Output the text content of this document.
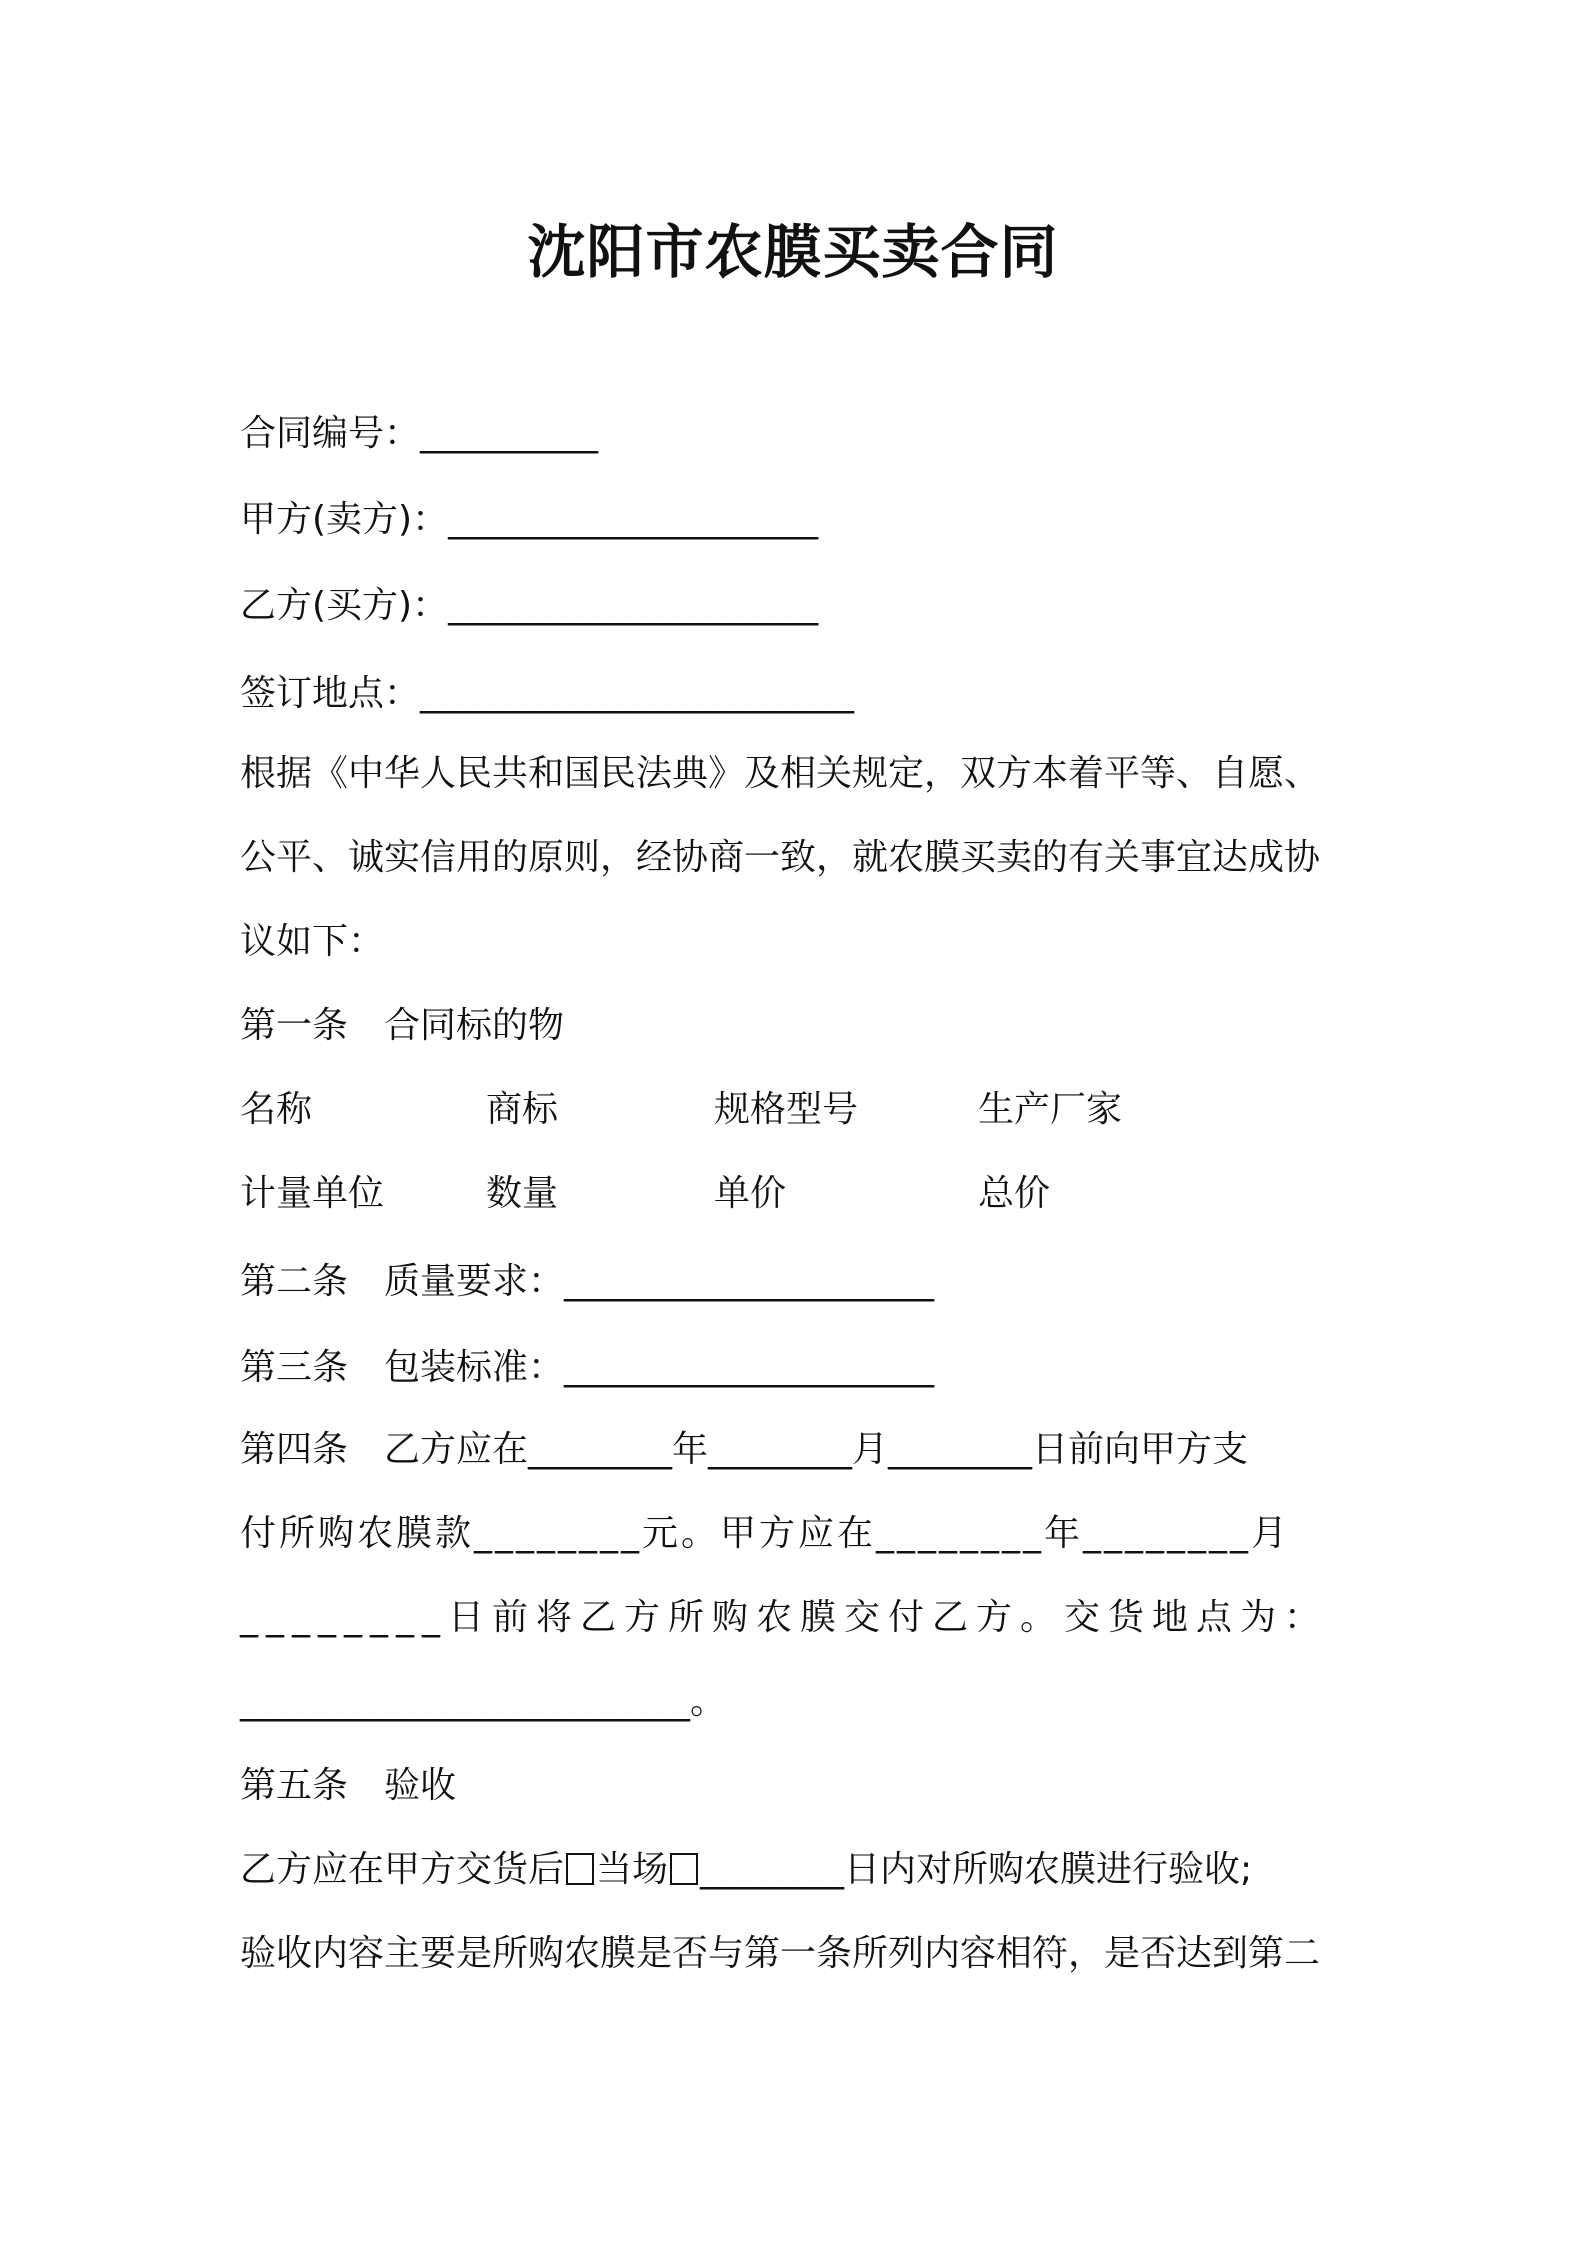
沈阳市农膜买卖合同
合同编号：___________
甲方(卖方)：_______________________
乙方(买方)：_______________________
签订地点：___________________________
根据《中华人民共和国民法典》及相关规定，双方本着平等、自愿、
公平、诚实信用的原则，经协商一致，就农膜买卖的有关事宜达成协
议如下：
第一条 合同标的物
名称	商标	规格型号	生产厂家
计量单位	数量	单价	总价
第二条 质量要求：_______________________
第三条 包装标准：_______________________
第四条　乙方应在________年________月________日前向甲方支
付所购农膜款________元。甲方应在________年________月
________日前将乙方所购农膜交付乙方。交货地点为：
_________________________。
第五条 验收
乙方应在甲方交货后 当场 ________日内对所购农膜进行验收;
验收内容主要是所购农膜是否与第一条所列内容相符，是否达到第二
